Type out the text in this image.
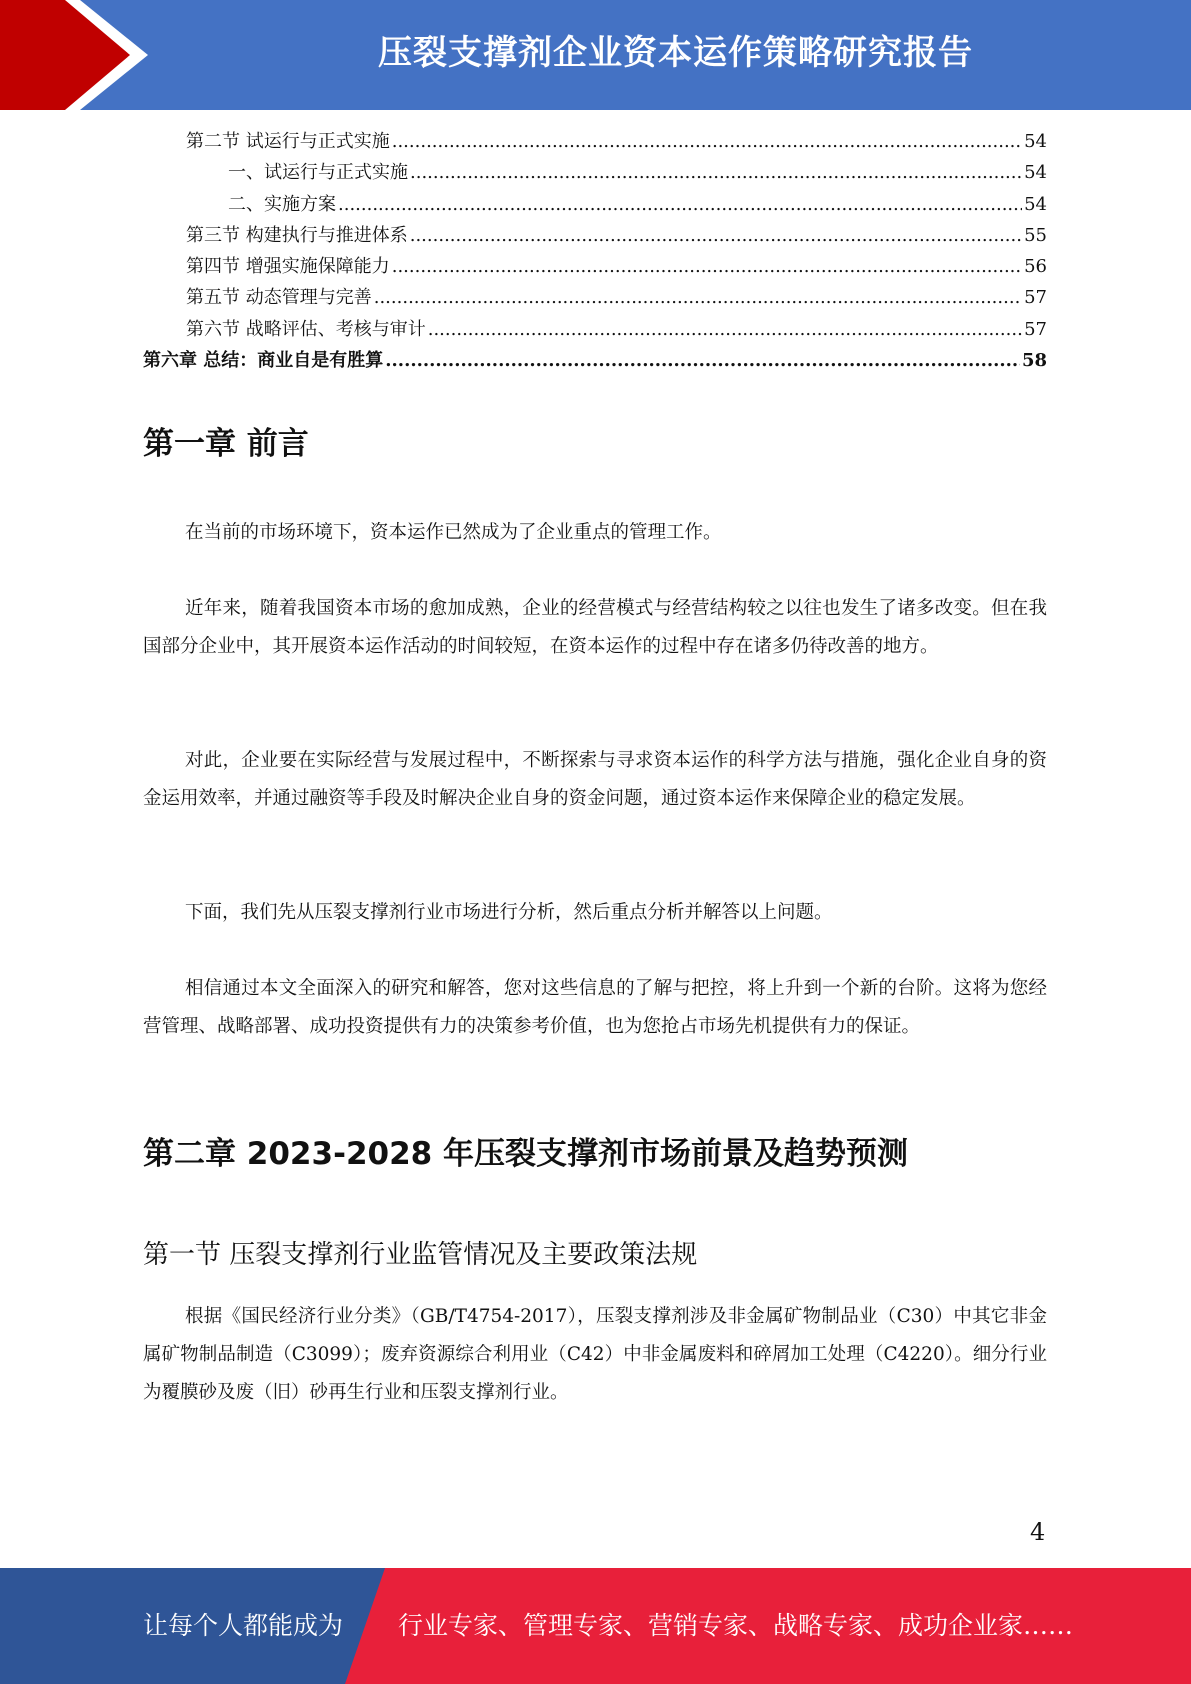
压裂支撑剂企业资本运作策略研究报告
第二节 试运行与正式实施 .....	54
一、试运行与正式实施 .....	54
二、实施方案 .....	54
第三节 构建执行与推进体系 .....	55
第四节 增强实施保障能力 .....	56
第五节 动态管理与完善 .....	57
第六节 战略评估、考核与审计 .....	57
第六章 总结：商业自是有胜算 .....	58
第一章 前言

在当前的市场环境下，资本运作已然成为了企业重点的管理工作。

近年来，随着我国资本市场的愈加成熟，企业的经营模式与经营结构较之以往也发生了诸多改变。但在我国部分企业中，其开展资本运作活动的时间较短，在资本运作的过程中存在诸多仍待改善的地方。

对此，企业要在实际经营与发展过程中，不断探索与寻求资本运作的科学方法与措施，强化企业自身的资金运用效率，并通过融资等手段及时解决企业自身的资金问题，通过资本运作来保障企业的稳定发展。

下面，我们先从压裂支撑剂行业市场进行分析，然后重点分析并解答以上问题。

相信通过本文全面深入的研究和解答，您对这些信息的了解与把控，将上升到一个新的台阶。这将为您经营管理、战略部署、成功投资提供有力的决策参考价值，也为您抢占市场先机提供有力的保证。

第二章 2023-2028 年压裂支撑剂市场前景及趋势预测
第一节 压裂支撑剂行业监管情况及主要政策法规

根据《国民经济行业分类》（GB/T4754-2017），压裂支撑剂涉及非金属矿物制品业（C30）中其它非金属矿物制品制造（C3099）；废弃资源综合利用业（C42）中非金属废料和碎屑加工处理（C4220）。细分行业为覆膜砂及废（旧）砂再生行业和压裂支撑剂行业。

4
让每个人都能成为 行业专家、管理专家、营销专家、战略专家、成功企业家……
